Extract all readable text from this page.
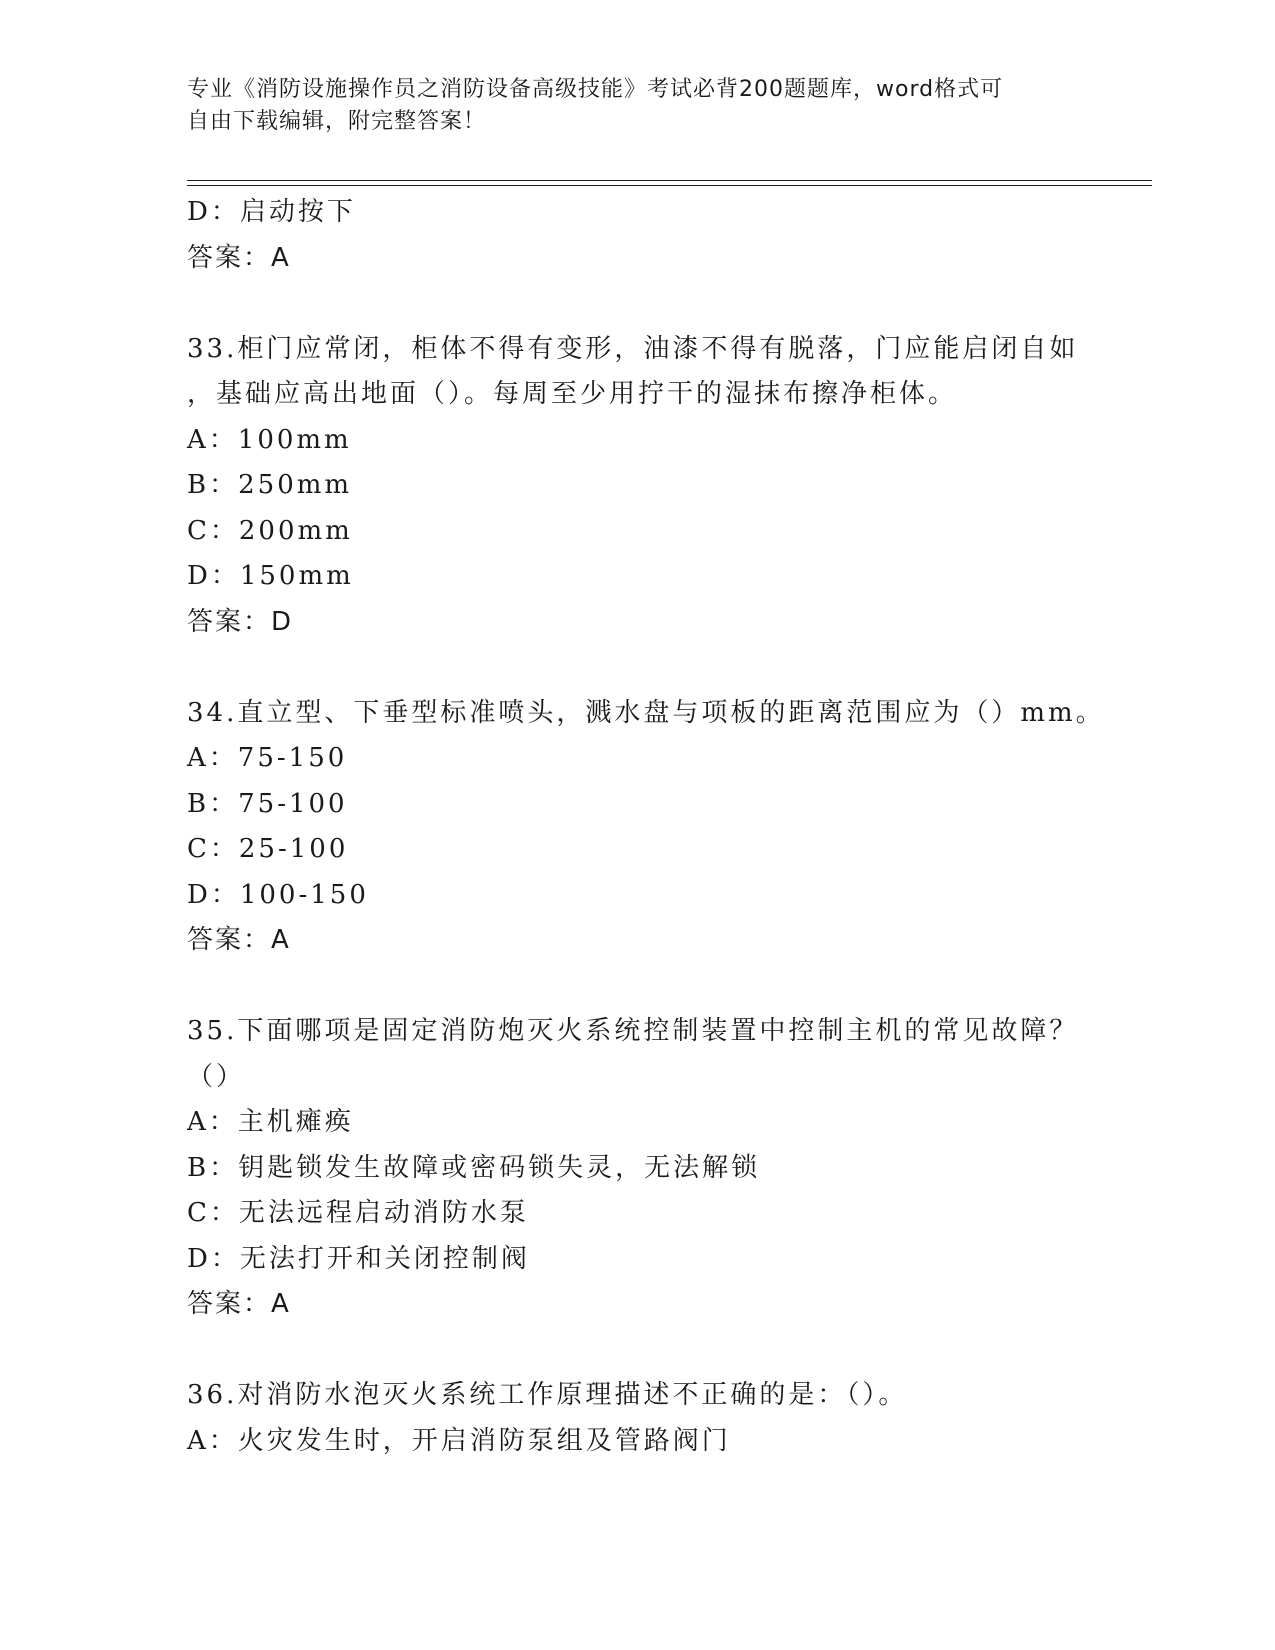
专业《消防设施操作员之消防设备高级技能》考试必背200题题库，word格式可
自由下载编辑，附完整答案！
D：启动按下
答案：A
33.柜门应常闭，柜体不得有变形，油漆不得有脱落，门应能启闭自如
，基础应高出地面（）。每周至少用拧干的湿抹布擦净柜体。
A：100mm
B：250mm
C：200mm
D：150mm
答案：D
34.直立型、下垂型标准喷头，溅水盘与项板的距离范围应为（）mm。
A：75-150
B：75-100
C：25-100
D：100-150
答案：A
35.下面哪项是固定消防炮灭火系统控制装置中控制主机的常见故障？
（）
A：主机瘫痪
B：钥匙锁发生故障或密码锁失灵，无法解锁
C：无法远程启动消防水泵
D：无法打开和关闭控制阀
答案：A
36.对消防水泡灭火系统工作原理描述不正确的是：（）。
A：火灾发生时，开启消防泵组及管路阀门
